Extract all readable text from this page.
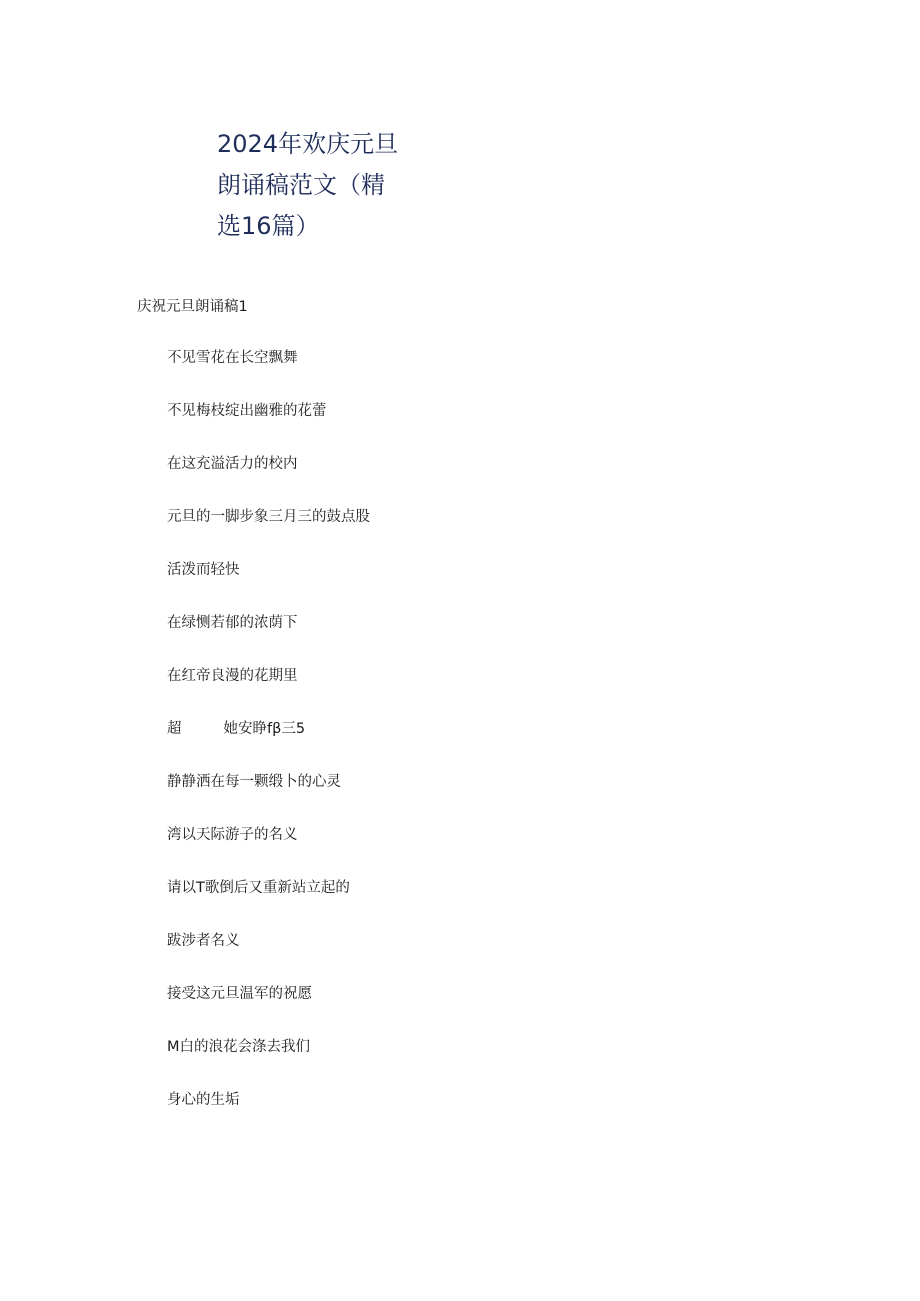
2024年欢庆元旦
朗诵稿范文（精
选16篇）
庆祝元旦朗诵稿1
不见雪花在长空飘舞
不见梅枝绽出幽雅的花蕾
在这充溢活力的校内
元旦的一脚步象三月三的鼓点股
活泼而轻快
在绿恻若郁的浓荫下
在红帝良漫的花期里
超	她安睁fβ三5
静静洒在每一颗缎卜的心灵
湾以天际游子的名义
请以T歌倒后又重新站立起的
跋涉者名义
接受这元旦温军的祝愿
M白的浪花会涤去我们
身心的生垢
